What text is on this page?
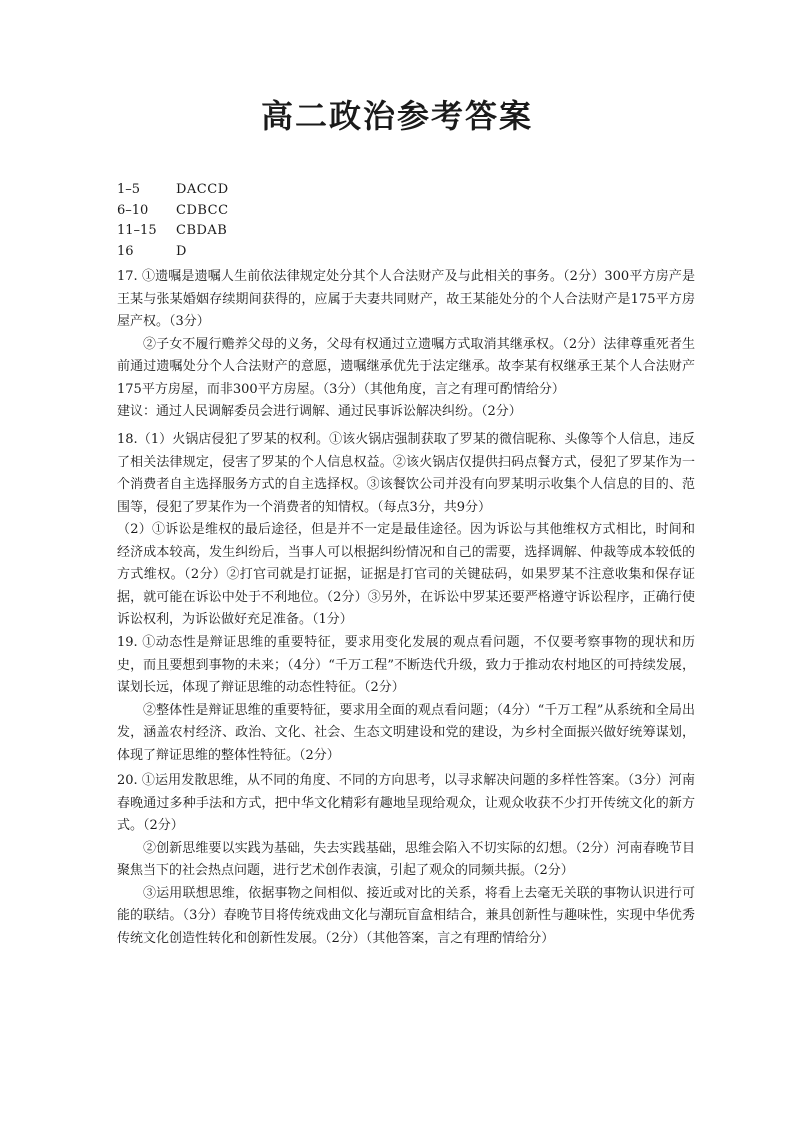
高二政治参考答案
1–5	DACCD
6–10	CDBCC
11–15	CBDAB
16	D

17. ①遗嘱是遗嘱人生前依法律规定处分其个人合法财产及与此相关的事务。（2分）300平方房产是王某与张某婚姻存续期间获得的，应属于夫妻共同财产，故王某能处分的个人合法财产是175平方房屋产权。（3分）

②子女不履行赡养父母的义务，父母有权通过立遗嘱方式取消其继承权。（2分）法律尊重死者生前通过遗嘱处分个人合法财产的意愿，遗嘱继承优先于法定继承。故李某有权继承王某个人合法财产175平方房屋，而非300平方房屋。（3分）（其他角度，言之有理可酌情给分）

建议：通过人民调解委员会进行调解、通过民事诉讼解决纠纷。（2分）

18.（1）火锅店侵犯了罗某的权利。①该火锅店强制获取了罗某的微信昵称、头像等个人信息，违反了相关法律规定，侵害了罗某的个人信息权益。②该火锅店仅提供扫码点餐方式，侵犯了罗某作为一个消费者自主选择服务方式的自主选择权。③该餐饮公司并没有向罗某明示收集个人信息的目的、范围等，侵犯了罗某作为一个消费者的知情权。（每点3分，共9分）

（2）①诉讼是维权的最后途径，但是并不一定是最佳途径。因为诉讼与其他维权方式相比，时间和经济成本较高，发生纠纷后，当事人可以根据纠纷情况和自己的需要，选择调解、仲裁等成本较低的方式维权。（2分）②打官司就是打证据，证据是打官司的关键砝码，如果罗某不注意收集和保存证据，就可能在诉讼中处于不利地位。（2分）③另外，在诉讼中罗某还要严格遵守诉讼程序，正确行使诉讼权利，为诉讼做好充足准备。（1分）

19. ①动态性是辩证思维的重要特征，要求用变化发展的观点看问题，不仅要考察事物的现状和历史，而且要想到事物的未来；（4分）“千万工程”不断迭代升级，致力于推动农村地区的可持续发展，谋划长远，体现了辩证思维的动态性特征。（2分）

②整体性是辩证思维的重要特征，要求用全面的观点看问题；（4分）“千万工程”从系统和全局出发，涵盖农村经济、政治、文化、社会、生态文明建设和党的建设，为乡村全面振兴做好统筹谋划，体现了辩证思维的整体性特征。（2分）

20. ①运用发散思维，从不同的角度、不同的方向思考，以寻求解决问题的多样性答案。（3分）河南春晚通过多种手法和方式，把中华文化精彩有趣地呈现给观众，让观众收获不少打开传统文化的新方式。（2分）

②创新思维要以实践为基础，失去实践基础，思维会陷入不切实际的幻想。（2分）河南春晚节目聚焦当下的社会热点问题，进行艺术创作表演，引起了观众的同频共振。（2分）

③运用联想思维，依据事物之间相似、接近或对比的关系，将看上去毫无关联的事物认识进行可能的联结。（3分）春晚节目将传统戏曲文化与潮玩盲盒相结合，兼具创新性与趣味性，实现中华优秀传统文化创造性转化和创新性发展。（2分）（其他答案，言之有理酌情给分）
